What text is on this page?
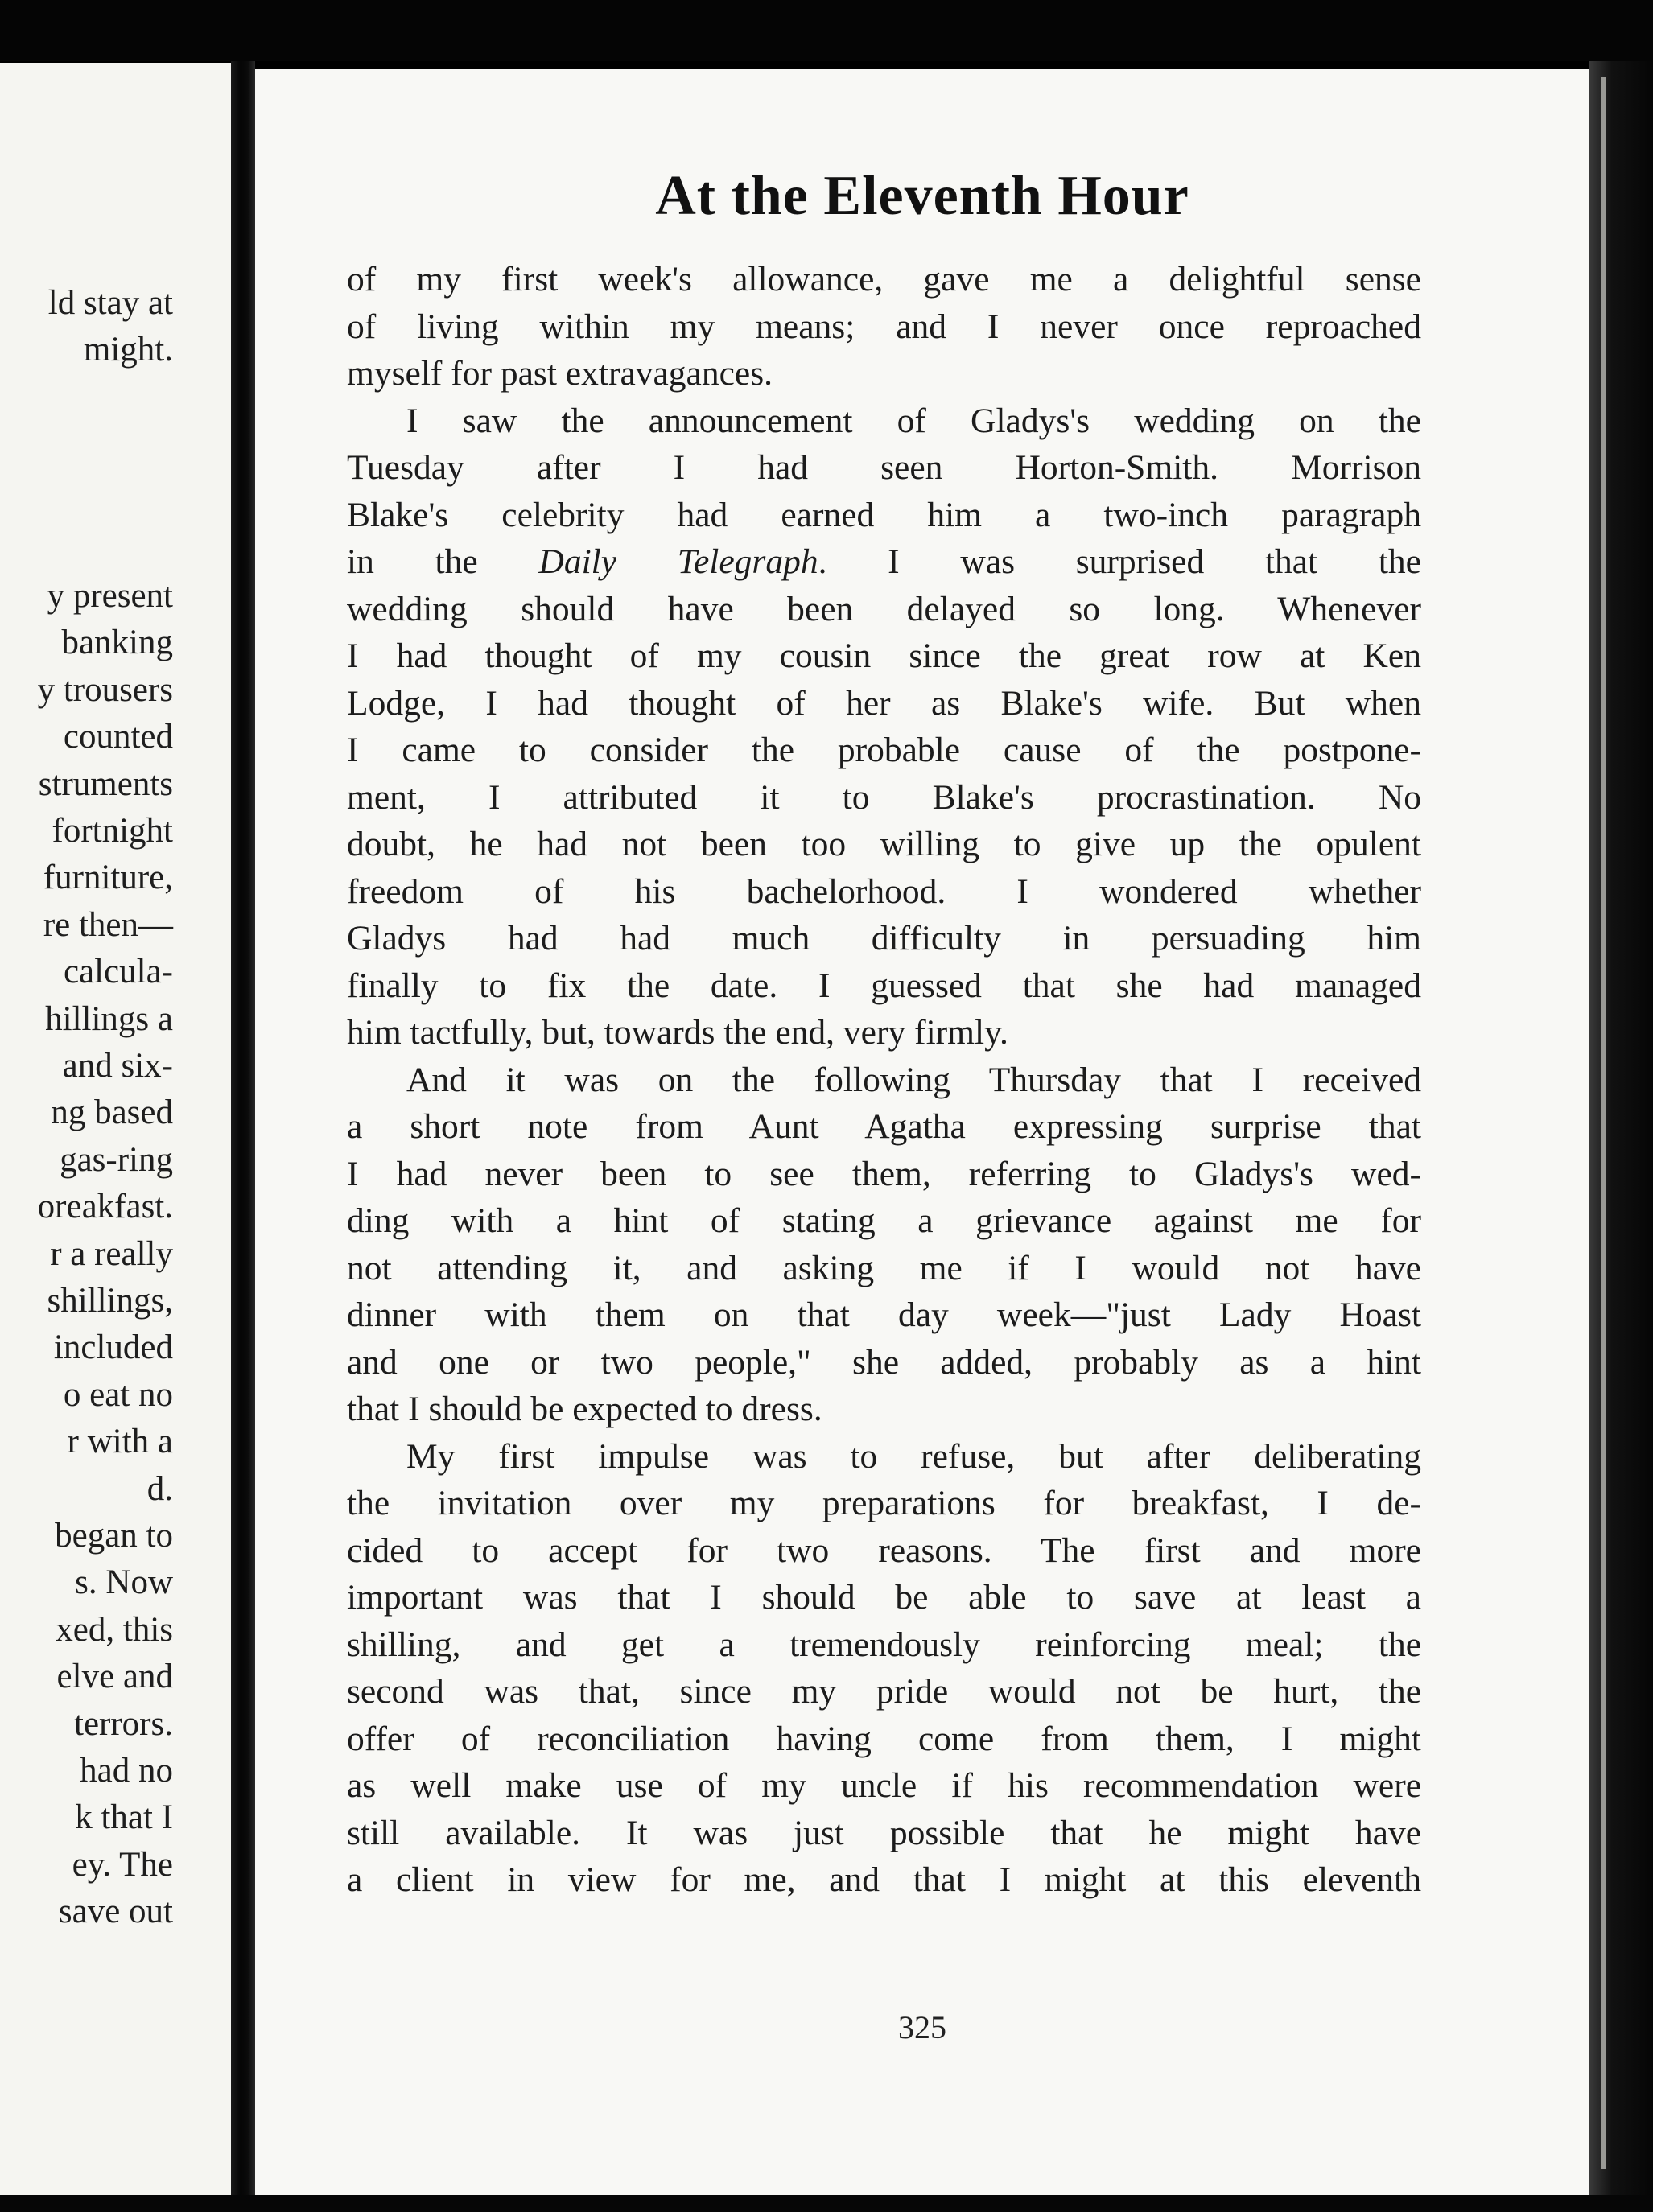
ld stay at
might.
y present
banking
y trousers
counted
struments
fortnight
furniture,
re then—
calcula-
hillings a
and six-
ng based
gas-ring
oreakfast.
r a really
shillings,
included
o eat no
r with a
d.
began to
s. Now
xed, this
elve and
terrors.
had no
k that I
ey. The
save out
At the Eleventh Hour
of my first week's allowance, gave me a delightful sense
of living within my means; and I never once reproached
myself for past extravagances.
I saw the announcement of Gladys's wedding on the
Tuesday after I had seen Horton-Smith. Morrison
Blake's celebrity had earned him a two-inch paragraph
in the Daily Telegraph. I was surprised that the
wedding should have been delayed so long. Whenever
I had thought of my cousin since the great row at Ken
Lodge, I had thought of her as Blake's wife. But when
I came to consider the probable cause of the postpone-
ment, I attributed it to Blake's procrastination. No
doubt, he had not been too willing to give up the opulent
freedom of his bachelorhood. I wondered whether
Gladys had had much difficulty in persuading him
finally to fix the date. I guessed that she had managed
him tactfully, but, towards the end, very firmly.
And it was on the following Thursday that I received
a short note from Aunt Agatha expressing surprise that
I had never been to see them, referring to Gladys's wed-
ding with a hint of stating a grievance against me for
not attending it, and asking me if I would not have
dinner with them on that day week—"just Lady Hoast
and one or two people," she added, probably as a hint
that I should be expected to dress.
My first impulse was to refuse, but after deliberating
the invitation over my preparations for breakfast, I de-
cided to accept for two reasons. The first and more
important was that I should be able to save at least a
shilling, and get a tremendously reinforcing meal; the
second was that, since my pride would not be hurt, the
offer of reconciliation having come from them, I might
as well make use of my uncle if his recommendation were
still available. It was just possible that he might have
a client in view for me, and that I might at this eleventh
325
